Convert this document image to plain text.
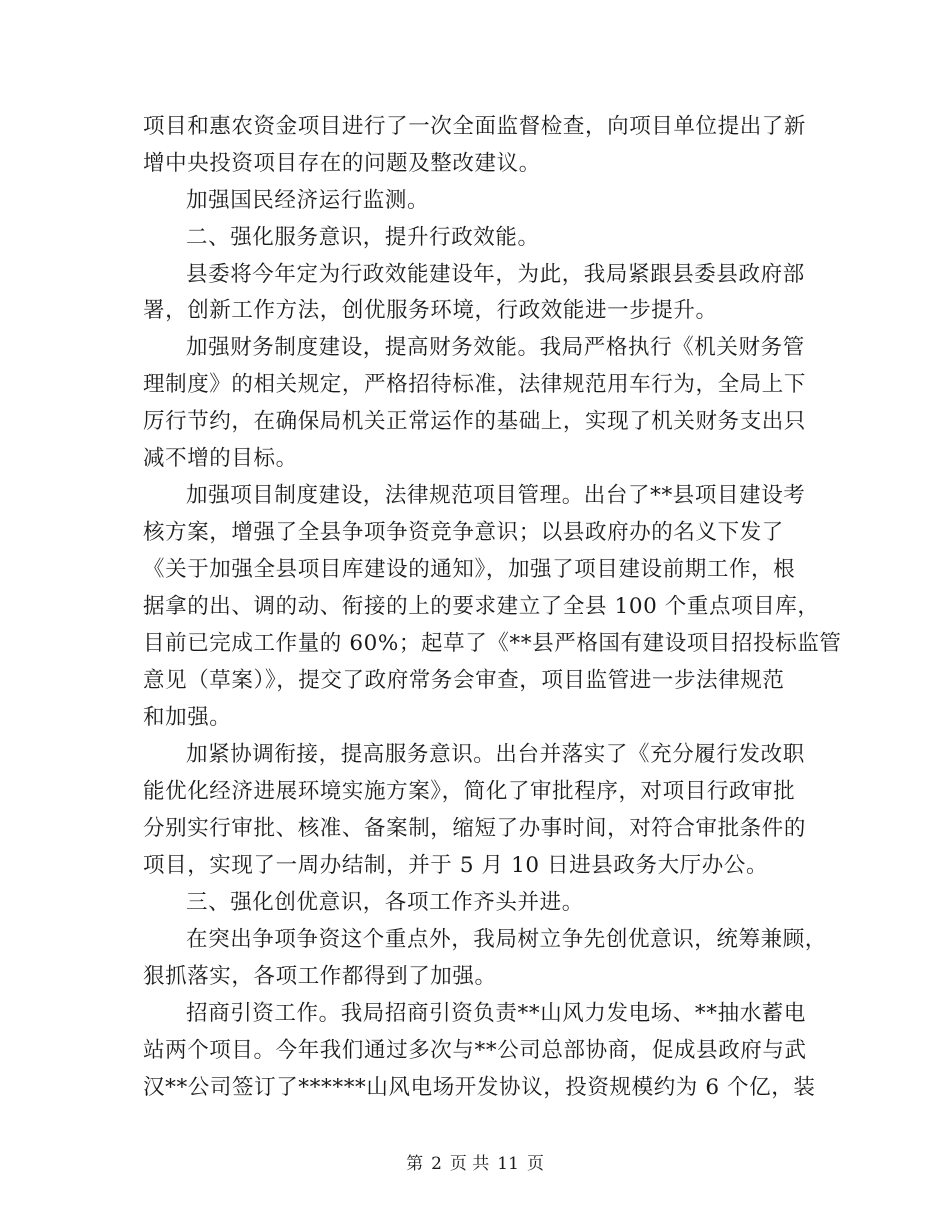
项目和惠农资金项目进行了一次全面监督检查，向项目单位提出了新
增中央投资项目存在的问题及整改建议。
加强国民经济运行监测。
二、强化服务意识，提升行政效能。
县委将今年定为行政效能建设年，为此，我局紧跟县委县政府部
署，创新工作方法，创优服务环境，行政效能进一步提升。
加强财务制度建设，提高财务效能。我局严格执行《机关财务管
理制度》的相关规定，严格招待标准，法律规范用车行为，全局上下
厉行节约，在确保局机关正常运作的基础上，实现了机关财务支出只
减不增的目标。
加强项目制度建设，法律规范项目管理。出台了**县项目建设考
核方案，增强了全县争项争资竞争意识；以县政府办的名义下发了
《关于加强全县项目库建设的通知》，加强了项目建设前期工作，根
据拿的出、调的动、衔接的上的要求建立了全县 100 个重点项目库，
目前已完成工作量的 60%；起草了《**县严格国有建设项目招投标监管
意见（草案）》，提交了政府常务会审查，项目监管进一步法律规范
和加强。
加紧协调衔接，提高服务意识。出台并落实了《充分履行发改职
能优化经济进展环境实施方案》，简化了审批程序，对项目行政审批
分别实行审批、核准、备案制，缩短了办事时间，对符合审批条件的
项目，实现了一周办结制，并于 5 月 10 日进县政务大厅办公。
三、强化创优意识，各项工作齐头并进。
在突出争项争资这个重点外，我局树立争先创优意识，统筹兼顾，
狠抓落实，各项工作都得到了加强。
招商引资工作。我局招商引资负责**山风力发电场、**抽水蓄电
站两个项目。今年我们通过多次与**公司总部协商，促成县政府与武
汉**公司签订了******山风电场开发协议，投资规模约为 6 个亿，装
第 2 页 共 11 页
